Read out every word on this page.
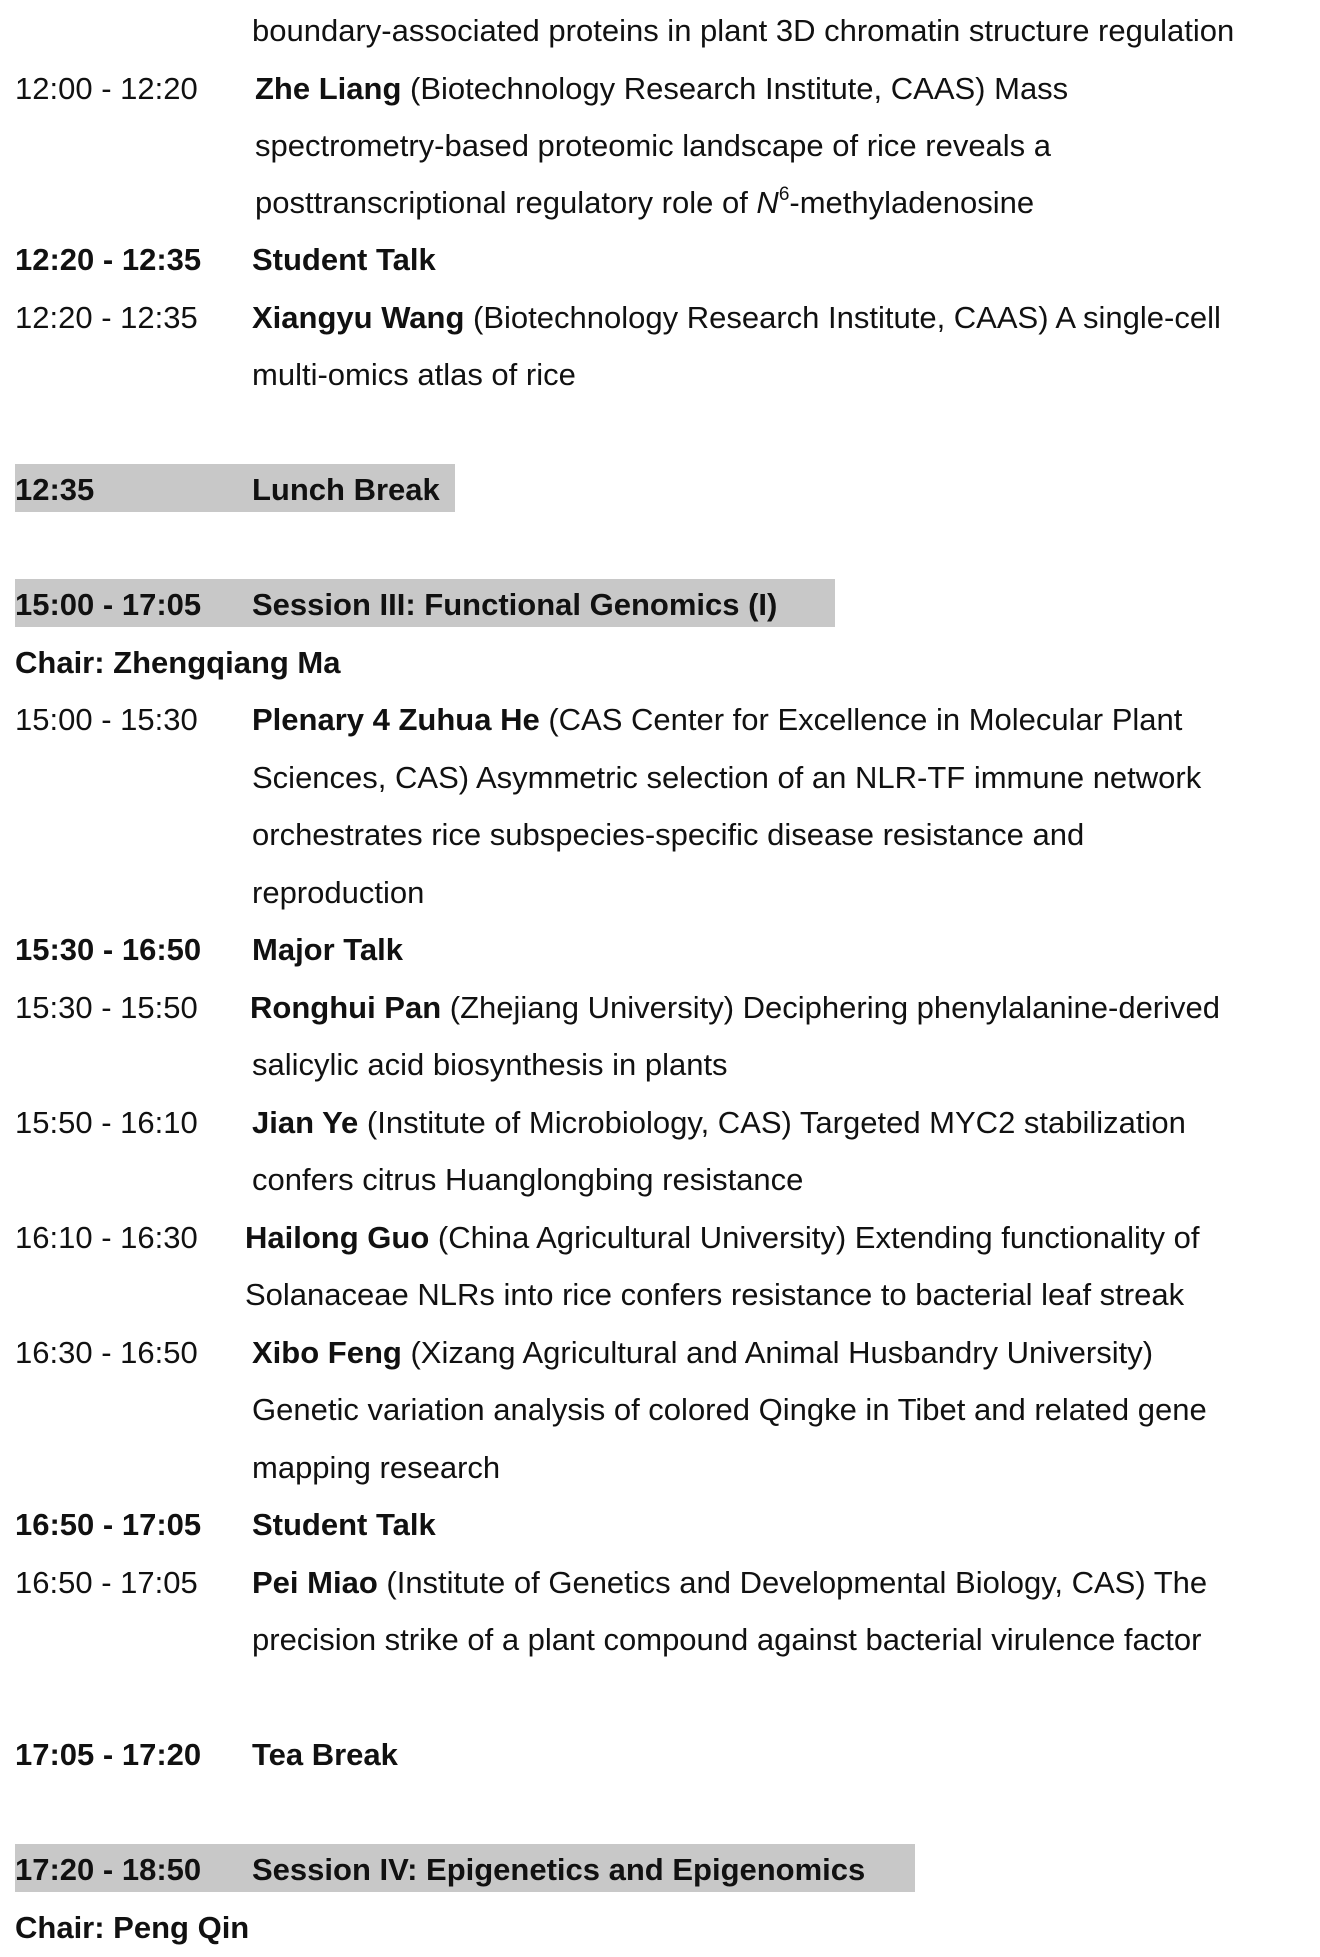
boundary-associated proteins in plant 3D chromatin structure regulation
12:00 - 12:20 Zhe Liang (Biotechnology Research Institute, CAAS) Mass
spectrometry-based proteomic landscape of rice reveals a
posttranscriptional regulatory role of $N^6$-methyladenosine
12:20 - 12:35 Student Talk
12:20 - 12:35 Xiangyu Wang (Biotechnology Research Institute, CAAS) A single-cell
multi-omics atlas of rice
12:35	Lunch Break
15:00 - 17:05 Session III: Functional Genomics (I)
Chair: Zhengqiang Ma
15:00 - 15:30 Plenary 4 Zuhua He (CAS Center for Excellence in Molecular Plant
Sciences, CAS) Asymmetric selection of an NLR-TF immune network
orchestrates rice subspecies-specific disease resistance and
reproduction
15:30 - 16:50 Major Talk
15:30 - 15:50 Ronghui Pan (Zhejiang University) Deciphering phenylalanine-derived
salicylic acid biosynthesis in plants
15:50 - 16:10 Jian Ye (Institute of Microbiology, CAS) Targeted MYC2 stabilization
confers citrus Huanglongbing resistance
16:10 - 16:30 Hailong Guo (China Agricultural University) Extending functionality of
Solanaceae NLRs into rice confers resistance to bacterial leaf streak
16:30 - 16:50 Xibo Feng (Xizang Agricultural and Animal Husbandry University)
Genetic variation analysis of colored Qingke in Tibet and related gene
mapping research
16:50 - 17:05 Student Talk
16:50 - 17:05 Pei Miao (Institute of Genetics and Developmental Biology, CAS) The
precision strike of a plant compound against bacterial virulence factor
17:05 - 17:20 Tea Break
17:20 - 18:50 Session IV: Epigenetics and Epigenomics
Chair: Peng Qin
